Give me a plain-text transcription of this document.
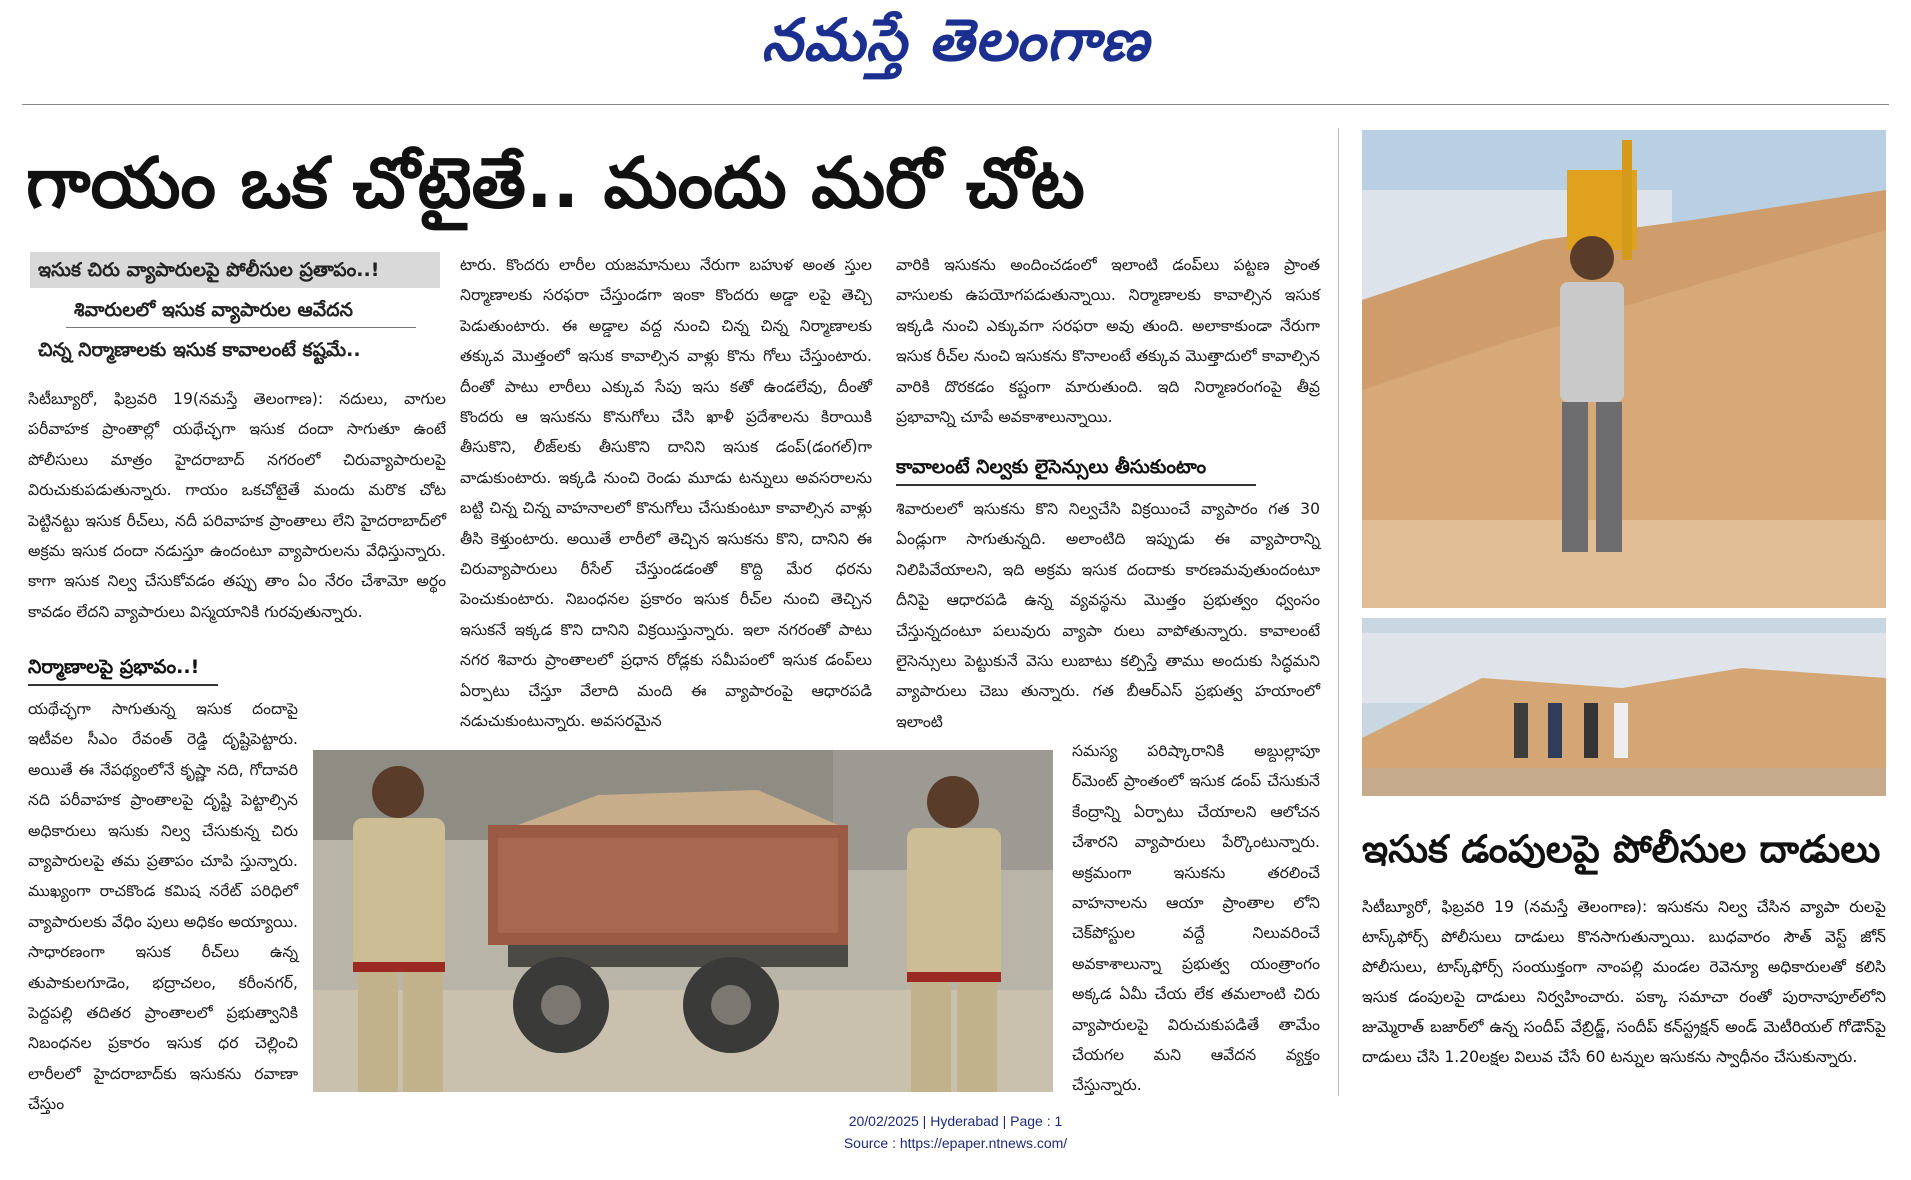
నమస్తే తెలంగాణ
గాయం ఒక చోటైతే.. మందు మరో చోట
ఇసుక చిరు వ్యాపారులపై పోలీసుల ప్రతాపం..!
శివారులలో ఇసుక వ్యాపారుల ఆవేదన
చిన్న నిర్మాణాలకు ఇసుక కావాలంటే కష్టమే..
సిటీబ్యూరో, ఫిబ్రవరి 19(నమస్తే తెలంగాణ): నదులు, వాగుల పరీవాహక ప్రాంతాల్లో యథేచ్ఛగా ఇసుక దందా సాగుతూ ఉంటే పోలీసులు మాత్రం హైదరాబాద్ నగరంలో చిరువ్యాపారులపై విరుచుకుపడుతున్నారు. గాయం ఒకచోటైతే మందు మరొక చోట పెట్టినట్టు ఇసుక రీచ్‌లు, నదీ పరివాహక ప్రాంతాలు లేని హైదరాబాద్‌లో అక్రమ ఇసుక దందా నడుస్తూ ఉందంటూ వ్యాపారులను వేధిస్తున్నారు. కాగా ఇసుక నిల్వ చేసుకోవడం తప్పు తాం ఏం నేరం చేశామో అర్థం కావడం లేదని వ్యాపారులు విస్మయానికి గురవుతున్నారు.
నిర్మాణాలపై ప్రభావం..!
యథేచ్ఛగా సాగుతున్న ఇసుక దందాపై ఇటీవల సీఎం రేవంత్ రెడ్డి దృష్టిపెట్టారు. అయితే ఈ నేపథ్యంలోనే కృష్ణా నది, గోదావరి నది పరీవాహక ప్రాంతాలపై దృష్టి పెట్టాల్సిన అధికారులు ఇసుకు నిల్వ చేసుకున్న చిరు వ్యాపారులపై తమ ప్రతాపం చూపి స్తున్నారు. ముఖ్యంగా రాచకొండ కమిష నరేట్ పరిధిలో వ్యాపారులకు వేధిం పులు అధికం అయ్యాయి. సాధారణంగా ఇసుక రీచ్‌లు ఉన్న తుపాకులగూడెం, భద్రాచలం, కరీంనగర్, పెద్దపల్లి తదితర ప్రాంతాలలో ప్రభుత్వానికి నిబంధనల ప్రకారం ఇసుక ధర చెల్లించి లారీలలో హైదరాబాద్‌కు ఇసుకను రవాణా చేస్తుం
టారు. కొందరు లారీల యజమానులు నేరుగా బహుళ అంత స్తుల నిర్మాణాలకు సరఫరా చేస్తుండగా ఇంకా కొందరు అడ్డా లపై తెచ్చి పెడుతుంటారు. ఈ అడ్డాల వద్ద నుంచి చిన్న చిన్న నిర్మాణాలకు తక్కువ మొత్తంలో ఇసుక కావాల్సిన వాళ్లు కొను గోలు చేస్తుంటారు. దీంతో పాటు లారీలు ఎక్కువ సేపు ఇసు కతో ఉండలేవు, దీంతో కొందరు ఆ ఇసుకను కొనుగోలు చేసి ఖాళీ ప్రదేశాలను కిరాయికి తీసుకొని, లీజ్‌లకు తీసుకొని దానిని ఇసుక డంప్(డంగల్)గా వాడుకుంటారు. ఇక్కడి నుంచి రెండు మూడు టన్నులు అవసరాలను బట్టి చిన్న చిన్న వాహనాలలో కొనుగోలు చేసుకుంటూ కావాల్సిన వాళ్లు తీసి కెళ్తుంటారు. అయితే లారీలో తెచ్చిన ఇసుకను కొని, దానిని ఈ చిరువ్యాపారులు రీసేల్ చేస్తుండడంతో కొద్ది మేర ధరను పెంచుకుంటారు. నిబంధనల ప్రకారం ఇసుక రీచ్‌ల నుంచి తెచ్చిన ఇసుకనే ఇక్కడ కొని దానిని విక్రయిస్తున్నారు. ఇలా నగరంతో పాటు నగర శివారు ప్రాంతాలలో ప్రధాన రోడ్లకు సమీపంలో ఇసుక డంప్‌లు ఏర్పాటు చేస్తూ వేలాది మంది ఈ వ్యాపారంపై ఆధారపడి నడుచుకుంటున్నారు. అవసరమైన
వారికి ఇసుకను అందించడంలో ఇలాంటి డంప్‌లు పట్టణ ప్రాంత వాసులకు ఉపయోగపడుతున్నాయి. నిర్మాణాలకు కావాల్సిన ఇసుక ఇక్కడి నుంచి ఎక్కువగా సరఫరా అవు తుంది. అలాకాకుండా నేరుగా ఇసుక రీచ్‌ల నుంచి ఇసుకను కొనాలంటే తక్కువ మొత్తాదులో కావాల్సిన వారికి దొరకడం కష్టంగా మారుతుంది. ఇది నిర్మాణరంగంపై తీవ్ర ప్రభావాన్ని చూపే అవకాశాలున్నాయి.
కావాలంటే నిల్వకు లైసెన్సులు తీసుకుంటాం
శివారులలో ఇసుకను కొని నిల్వచేసి విక్రయించే వ్యాపారం గత 30 ఏండ్లుగా సాగుతున్నది. అలాంటిది ఇప్పుడు ఈ వ్యాపారాన్ని నిలిపివేయాలని, ఇది అక్రమ ఇసుక దందాకు కారణమవుతుందంటూ దీనిపై ఆధారపడి ఉన్న వ్యవస్థను మొత్తం ప్రభుత్వం ధ్వంసం చేస్తున్నదంటూ పలువురు వ్యాపా రులు వాపోతున్నారు. కావాలంటే లైసెన్సులు పెట్టుకునే వెసు లుబాటు కల్పిస్తే తాము అందుకు సిద్ధమని వ్యాపారులు చెబు తున్నారు. గత బీఆర్ఎస్ ప్రభుత్వ హయాంలో ఇలాంటి
సమస్య పరిష్కారానికి అబ్దుల్లాపూ ర్‌మెంట్ ప్రాంతంలో ఇసుక డంప్ చేసుకునే కేంద్రాన్ని ఏర్పాటు చేయాలని ఆలోచన చేశారని వ్యాపారులు పేర్కొంటున్నారు. అక్రమంగా ఇసుకను తరలించే వాహనాలను ఆయా ప్రాంతాల లోని చెక్‌పోస్టుల వద్దే నిలువరించే అవకాశాలున్నా ప్రభుత్వ యంత్రాంగం అక్కడ ఏమీ చేయ లేక తమలాంటి చిరు వ్యాపారులపై విరుచుకుపడితే తామేం చేయగల మని ఆవేదన వ్యక్తం చేస్తున్నారు.
ఇసుక డంపులపై పోలీసుల దాడులు
సిటీబ్యూరో, ఫిబ్రవరి 19 (నమస్తే తెలంగాణ): ఇసుకను నిల్వ చేసిన వ్యాపా రులపై టాస్క్‌ఫోర్స్ పోలీసులు దాడులు కొనసాగుతున్నాయి. బుధవారం సౌత్ వెస్ట్ జోన్ పోలీసులు, టాస్క్‌ఫోర్స్ సంయుక్తంగా నాంపల్లి మండల రెవెన్యూ అధికారులతో కలిసి ఇసుక డంపులపై దాడులు నిర్వహించారు. పక్కా సమాచా రంతో పురానాపూల్‌లోని జుమ్మెరాత్ బజార్‌లో ఉన్న సందీప్ వేబ్రిడ్జ్, సందీప్ కన్‌స్ట్రక్షన్ అండ్ మెటీరియల్ గోడౌన్‌పై దాడులు చేసి 1.20లక్షల విలువ చేసే 60 టన్నుల ఇసుకను స్వాధీనం చేసుకున్నారు.
20/02/2025 | Hyderabad | Page : 1
Source : https://epaper.ntnews.com/
